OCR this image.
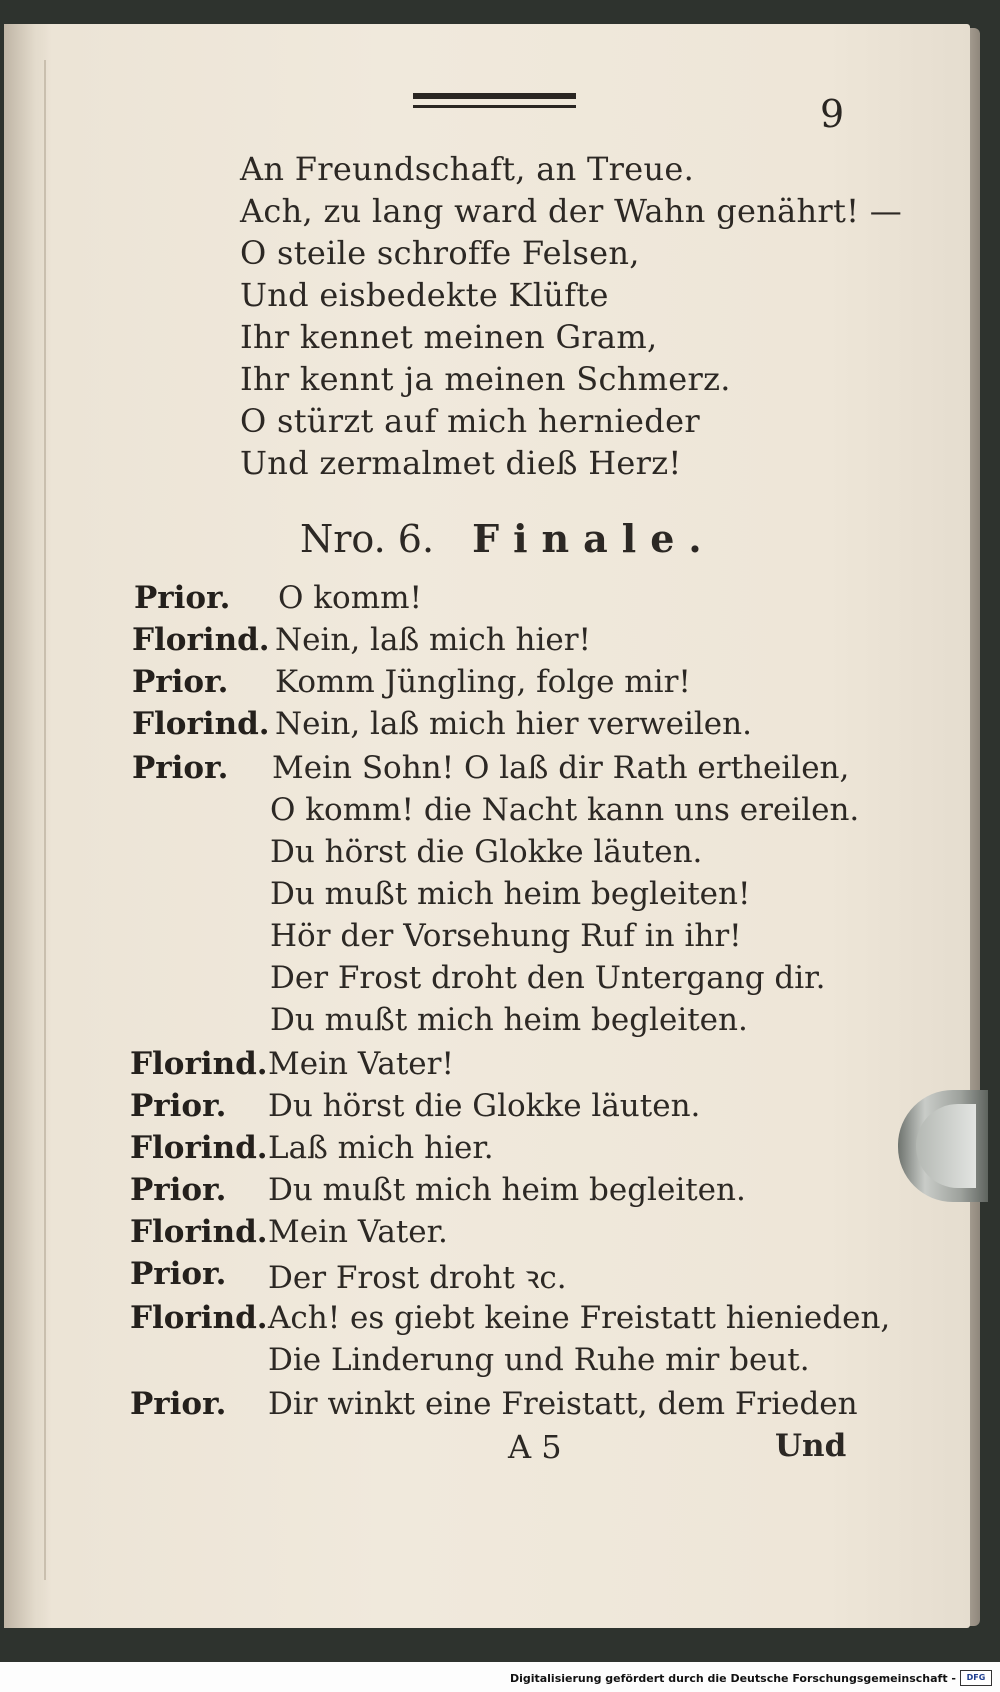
9
An Freundschaft, an Treue.
Ach, zu lang ward der Wahn genährt! —
O steile schroffe Felsen,
Und eisbedekte Klüfte
Ihr kennet meinen Gram,
Ihr kennt ja meinen Schmerz.
O stürzt auf mich hernieder
Und zermalmet dieß Herz!
Nro. 6. Finale.
Prior. O komm!
Florind. Nein, laß mich hier!
Prior. Komm Jüngling, folge mir!
Florind. Nein, laß mich hier verweilen.
Prior. Mein Sohn! O laß dir Rath ertheilen,
O komm! die Nacht kann uns ereilen.
Du hörst die Glokke läuten.
Du mußt mich heim begleiten!
Hör der Vorsehung Ruf in ihr!
Der Frost droht den Untergang dir.
Du mußt mich heim begleiten.
Florind. Mein Vater!
Prior. Du hörst die Glokke läuten.
Florind. Laß mich hier.
Prior. Du mußt mich heim begleiten.
Florind. Mein Vater.
Prior. Der Frost droht ꝛc.
Florind. Ach! es giebt keine Freistatt hienieden,
Die Linderung und Ruhe mir beut.
Prior. Dir winkt eine Freistatt, dem Frieden
A 5	Und
Digitalisierung gefördert durch die Deutsche Forschungsgemeinschaft -	DFG
